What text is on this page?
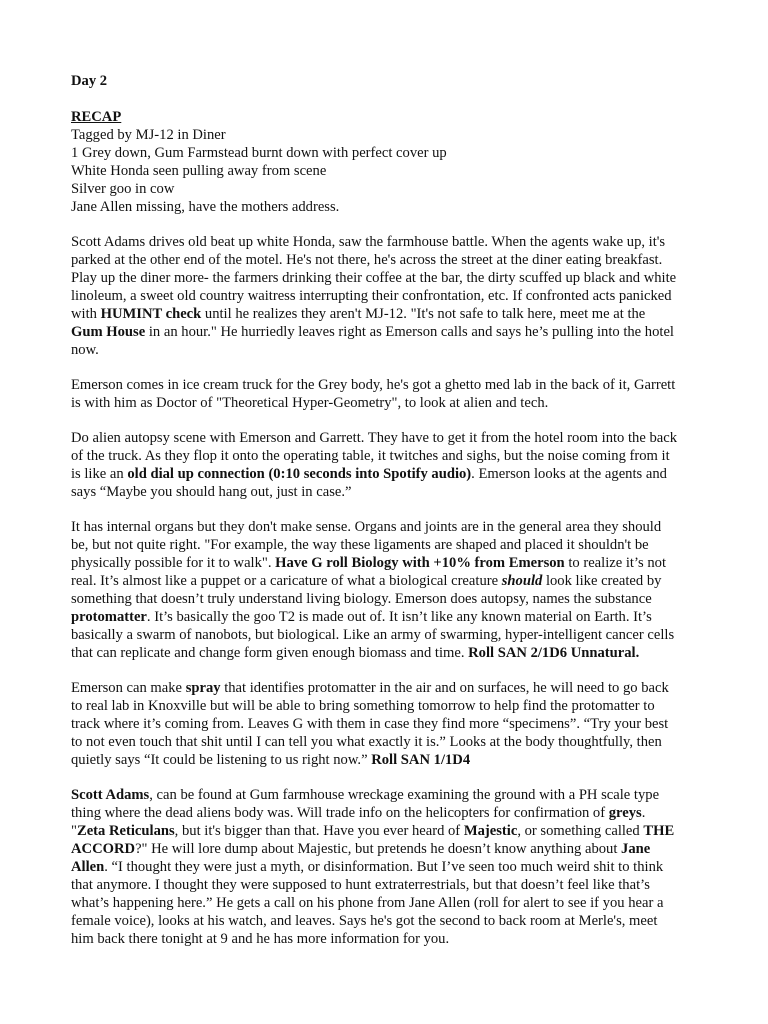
Day 2
RECAP
Tagged by MJ-12 in Diner
1 Grey down, Gum Farmstead burnt down with perfect cover up
White Honda seen pulling away from scene
Silver goo in cow
Jane Allen missing, have the mothers address.

Scott Adams drives old beat up white Honda, saw the farmhouse battle. When the agents wake up, it's
parked at the other end of the motel. He's not there, he's across the street at the diner eating breakfast.
Play up the diner more- the farmers drinking their coffee at the bar, the dirty scuffed up black and white
linoleum, a sweet old country waitress interrupting their confrontation, etc. If confronted acts panicked
with HUMINT check until he realizes they aren't MJ-12. "It's not safe to talk here, meet me at the
Gum House in an hour." He hurriedly leaves right as Emerson calls and says he’s pulling into the hotel
now.

Emerson comes in ice cream truck for the Grey body, he's got a ghetto med lab in the back of it, Garrett
is with him as Doctor of "Theoretical Hyper-Geometry", to look at alien and tech.

Do alien autopsy scene with Emerson and Garrett. They have to get it from the hotel room into the back
of the truck. As they flop it onto the operating table, it twitches and sighs, but the noise coming from it
is like an old dial up connection (0:10 seconds into Spotify audio). Emerson looks at the agents and
says “Maybe you should hang out, just in case.”

It has internal organs but they don't make sense. Organs and joints are in the general area they should
be, but not quite right. "For example, the way these ligaments are shaped and placed it shouldn't be
physically possible for it to walk". Have G roll Biology with +10% from Emerson to realize it’s not
real. It’s almost like a puppet or a caricature of what a biological creature should look like created by
something that doesn’t truly understand living biology. Emerson does autopsy, names the substance
protomatter. It’s basically the goo T2 is made out of. It isn’t like any known material on Earth. It’s
basically a swarm of nanobots, but biological. Like an army of swarming, hyper-intelligent cancer cells
that can replicate and change form given enough biomass and time. Roll SAN 2/1D6 Unnatural.

Emerson can make spray that identifies protomatter in the air and on surfaces, he will need to go back
to real lab in Knoxville but will be able to bring something tomorrow to help find the protomatter to
track where it’s coming from. Leaves G with them in case they find more “specimens”. “Try your best
to not even touch that shit until I can tell you what exactly it is.” Looks at the body thoughtfully, then
quietly says “It could be listening to us right now.” Roll SAN 1/1D4

Scott Adams, can be found at Gum farmhouse wreckage examining the ground with a PH scale type
thing where the dead aliens body was. Will trade info on the helicopters for confirmation of greys.
"Zeta Reticulans, but it's bigger than that. Have you ever heard of Majestic, or something called THE
ACCORD?" He will lore dump about Majestic, but pretends he doesn’t know anything about Jane
Allen. “I thought they were just a myth, or disinformation. But I’ve seen too much weird shit to think
that anymore. I thought they were supposed to hunt extraterrestrials, but that doesn’t feel like that’s
what’s happening here.” He gets a call on his phone from Jane Allen (roll for alert to see if you hear a
female voice), looks at his watch, and leaves. Says he's got the second to back room at Merle's, meet
him back there tonight at 9 and he has more information for you.
